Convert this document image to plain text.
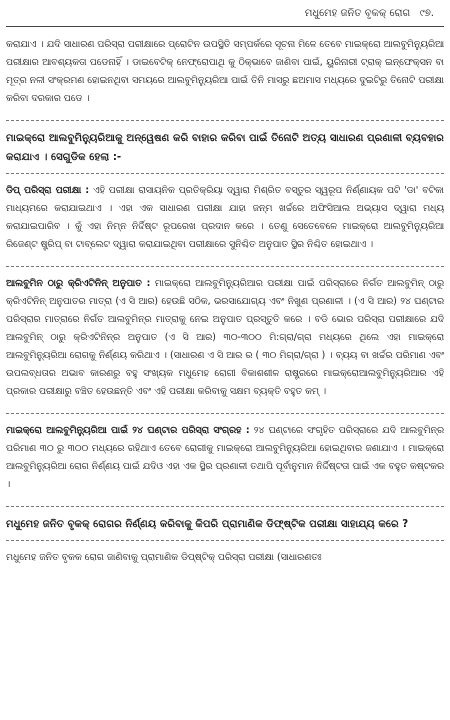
ମଧୁମେହ ଜନିତ ବୃକକ୍ ରୋଗ ୯୭.

କରାଯାଏ । ଯଦି ସାଧାରଣ ପରିସ୍ରା ପରୀକ୍ଷାରେ ପ୍ରୋଟିନ ଉପସ୍ଥିତି ସମ୍ପର୍କରେ ସୂଚନା ମିଳେ ତେବେ ମାଇକ୍ରୋ ଆଲବୁମିନ୍ୟୁରିଆ ପରୀକ୍ଷାର ଆବଶ୍ୟକତା ପଡେନାହିଁ । ଡାଇବେଟିକ୍ ନେଫ୍ରୋପାଥି କୁ ଠିକ୍‌ଭାବେ ଜାଣିବା ପାଇଁ, ୟୁରିନାରୀ ଟ୍ରାକ୍ ଇନ୍‌ଫେକ୍‌ସନ ବା ମୂତ୍ର ନଳୀ ସଂକ୍ରମଣ ହୋଇନଥିବା ସମୟରେ ଆଲବୁମିନ୍ୟୁରିଆ ପାଇଁ ତିନି ମାସରୁ ଛଅମାସ ମଧ୍ୟରେ ଦୁଇଟିରୁ ତିନୋଟି ପରୀକ୍ଷା କରିବା ଦରକାର ପଡେ ।

ମାଇକ୍ରୋ ଆଲବୁମିନ୍ୟୁରିଆକୁ ଅନ୍ୱେଷଣ କରି ବାହାର କରିବା ପାଇଁ ତିନୋଟି ଅତ୍ୟ ସାଧାରଣ ପ୍ରଣାଳୀ ବ୍ୟବହାର କରାଯାଏ । ସେଗୁଡିକ ହେଲା :-

ଡିପ୍ ପରିସ୍ରା ପରୀକ୍ଷା : ଏହି ପରୀକ୍ଷା ରାସାୟନିକ ପ୍ରତିକ୍ରିୟା ଦ୍ୱାରା ମିଶ୍ରିତ ବସ୍ତୁର ସ୍ୱରୂପ ନିର୍ଣ୍ଣାୟକ ପଟି 'ଡା' ବଟିକା ମାଧ୍ୟମରେ କରାଯାଇଥାଏ । ଏହା ଏକ ସାଧାରଣ ପରୀକ୍ଷା ଯାହା ଜନ୍ମ ଖର୍ଚ୍ଚରେ ଅଫିସିଆଲ ଅଭ୍ୟାସ ଦ୍ୱାରା ମଧ୍ୟ କରାଯାଇପାରିବ । କୁଁ ଏହା ନିମ୍ନ ନିର୍ଦ୍ଦିଷ୍ଟ ରୂପରେଖ ପ୍ରଦାନ କରେ । ତେଣୁ ସେତେବେଳେ ମାଇକ୍ରୋ ଆଲବୁମିନ୍ୟୁରିଆ ରିଜେଣ୍ଟ ଷ୍ଟ୍ରିପ୍ ବା ଟାବ୍‌ଲେଟ ଦ୍ୱାରା କରାଯାଇଥିବା ପରୀକ୍ଷାରେ ସୁନିଶ୍ଚିତ ଅନୁପାତ ସ୍ଥିର ନିଶ୍ଚିତ ହୋଇଥାଏ ।

ଆଲବୁମିନ ଠାରୁ କ୍ରିଏଟିନିନ୍ ଅନୁପାତ : ମାଇକ୍ରୋ ଆଲବୁମିନ୍ୟୁରିଆର ପରୀକ୍ଷା ପାଇଁ ପରିସ୍ରାରେ ନିର୍ଗତ ଆଲବୁମିନ୍ ଠାରୁ କ୍ରିଏଟିନିନ୍ ଅନୁପାତର ମାତ୍ରା (ଏ ସି ଆର) ହେଉଛି ସଠିକ, ଭରସାଯୋଗ୍ୟ ଏବଂ ନିଖୁଣ ପ୍ରଣାଳୀ । (ଏ ସି ଆର) ୨୪ ଘଣ୍ଟାର ପରିସ୍ରାର ମାତ୍ରାରେ ନିର୍ଗତ ଆଲବୁମିନ୍‌ର ମାତ୍ରାକୁ ନେଇ ଅନୁପାତ ପ୍ରସ୍ତୁତି କରେ । ବଡି ଭୋର ପରିସ୍ରା ପରୀକ୍ଷାରେ ଯଦି ଆଲବୁମିନ୍ ଠାରୁ କ୍ରିଏଟିନିନ୍‌ର ଅନୁପାତ (ଏ ସି ଆର) ୩୦-୩୦୦ ମି:ଗ୍ରା/ଗ୍ରା ମଧ୍ୟରେ ଥିଲେ ଏହା ମାଇକ୍ରୋ ଆଲବୁମିନ୍ୟୁରିଆ ରୋଗକୁ ନିର୍ଣ୍ଣୟ କରିଥାଏ । (ସାଧାରଣ ଏ ସି ଆର ର ( ୩୦ ମିଗ୍ରା/ଗ୍ରା ) । ବ୍ୟୟ ବା ଖର୍ଚ୍ଚର ପରିମାଣ ଏବଂ ଉପଲବ୍ଧତାର ଅଭାବ କାରଣରୁ ବହୁ ସଂଖ୍ୟକ ମଧୁମେହ ରୋଗୀ ବିକାଶଶୀଳ ରାଷ୍ଟ୍ରରେ ମାଇକ୍ରୋଆଲବୁମିନ୍ୟୁରିଆର ଏହି ପ୍ରକାର ପରୀକ୍ଷାରୁ ବଞ୍ଚିତ ହେଉଛନ୍ତି ଏବଂ ଏହି ପରୀକ୍ଷା କରିବାକୁ ସକ୍ଷମ ବ୍ୟକ୍ତି ବହୁତ କମ୍ ।

ମାଇକ୍ରୋ ଆଲବୁମିନ୍ୟୁରିଆ ପାଇଁ ୨୪ ଘଣ୍ଟାର ପରିସ୍ରା ସଂଗ୍ରହ : ୨୪ ଘଣ୍ଟାରେ ସଂଗୃହିତ ପରିସ୍ରାରେ ଯଦି ଆଲବୁମିନ୍‌ର ପରିମାଣ ୩୦ ରୁ ୩୦୦ ମଧ୍ୟରେ ରହିଥାଏ ତେବେ ରୋଗୀକୁ ମାଇକ୍ରୋ ଆଲବୁମିନ୍ୟୁରିଆ ହୋଇଥିବାର ଜଣାଯାଏ । ମାଇକ୍ରୋ ଆଲବୁମିନ୍ୟୁରିଆ ରୋଗ ନିର୍ଣ୍ଣୟ ପାଇଁ ଯଦିଓ ଏହା ଏକ ସ୍ଥିର ପ୍ରଣାଳୀ ତଥାପି ପୂର୍ବାନୁମାନ ନିର୍ଦ୍ଦିଷ୍ଟତା ପାଇଁ ଏକ ବହୁତ କଷ୍ଟକର ।

ମଧୁମେହ ଜନିତ ବୃକକ୍ ରୋଗର ନିର୍ଣ୍ଣୟ କରିବାକୁ କିପରି ପ୍ରାମାଣିକ ଡିଫ୍‌ଷ୍ଟିକ ପରୀକ୍ଷା ସାହାଯ୍ୟ କରେ ?

ମଧୁମେହ ଜନିତ ବୃକକ ରୋଗ ଜାଣିବାକୁ ପ୍ରାମାଣିକ ଡିପ୍‌ଷ୍ଟିକ୍ ପରିସ୍ରା ପରୀକ୍ଷା (ସାଧାରଣତଃ
